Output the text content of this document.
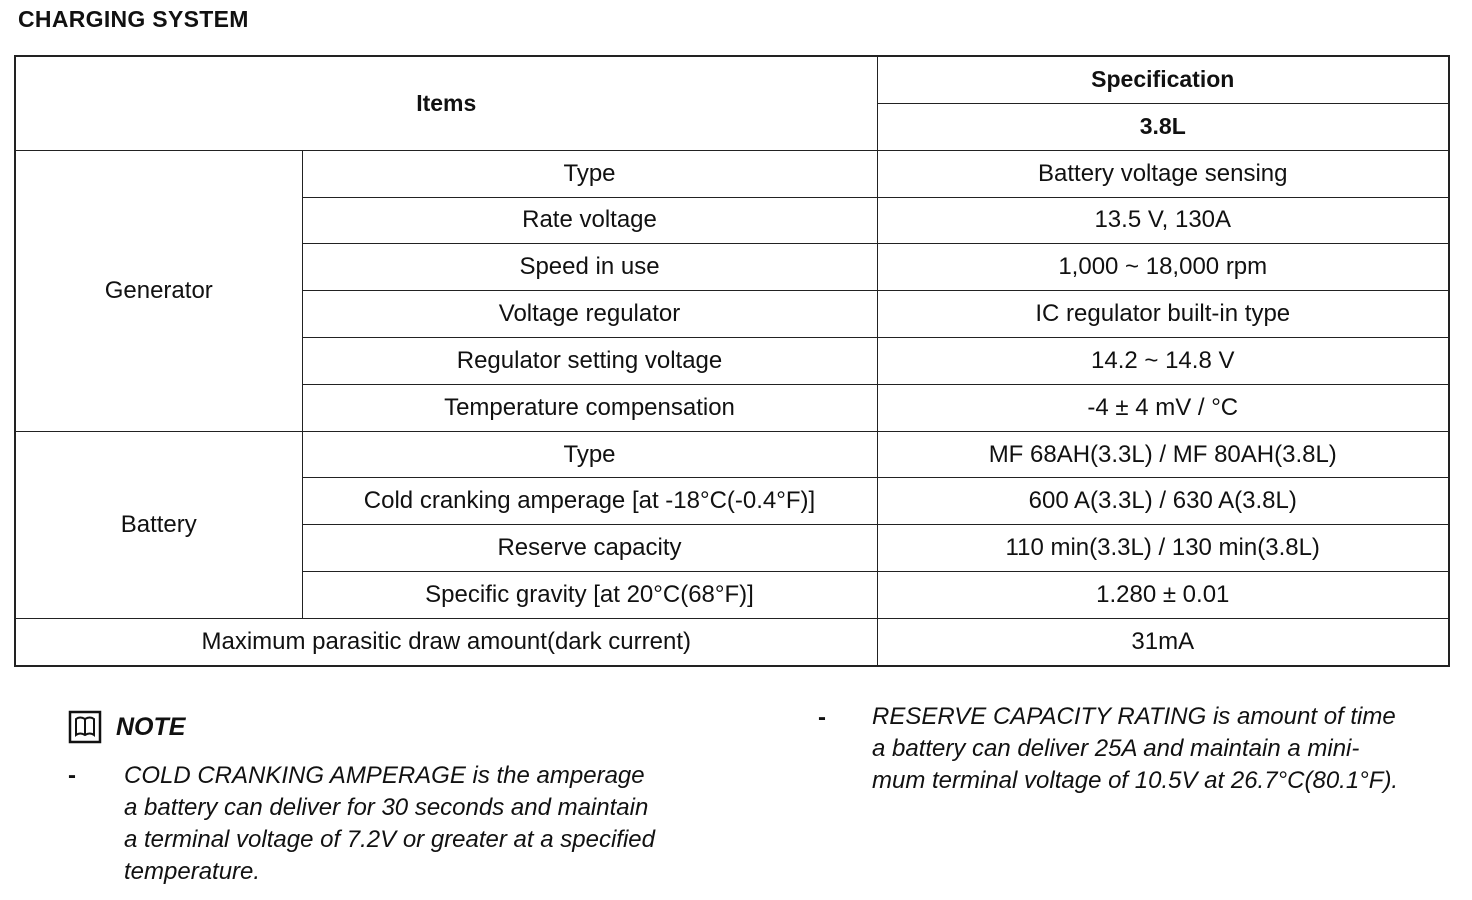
CHARGING SYSTEM
Items		Specification
		3.8L
Generator	Type	Battery voltage sensing
	Rate voltage	13.5 V, 130A
	Speed in use	1,000 ~ 18,000 rpm
	Voltage regulator	IC regulator built-in type
	Regulator setting voltage	14.2 ~ 14.8 V
	Temperature compensation	-4 ± 4 mV / °C
Battery	Type	MF 68AH(3.3L) / MF 80AH(3.8L)
	Cold cranking amperage [at -18°C(-0.4°F)]	600 A(3.3L) / 630 A(3.8L)
	Reserve capacity	110 min(3.3L) / 130 min(3.8L)
	Specific gravity [at 20°C(68°F)]	1.280 ± 0.01
Maximum parasitic draw amount(dark current)		31mA
NOTE
- COLD CRANKING AMPERAGE is the amperage
a battery can deliver for 30 seconds and maintain
a terminal voltage of 7.2V or greater at a specified
temperature.
- RESERVE CAPACITY RATING is amount of time
a battery can deliver 25A and maintain a mini-
mum terminal voltage of 10.5V at 26.7°C(80.1°F).
